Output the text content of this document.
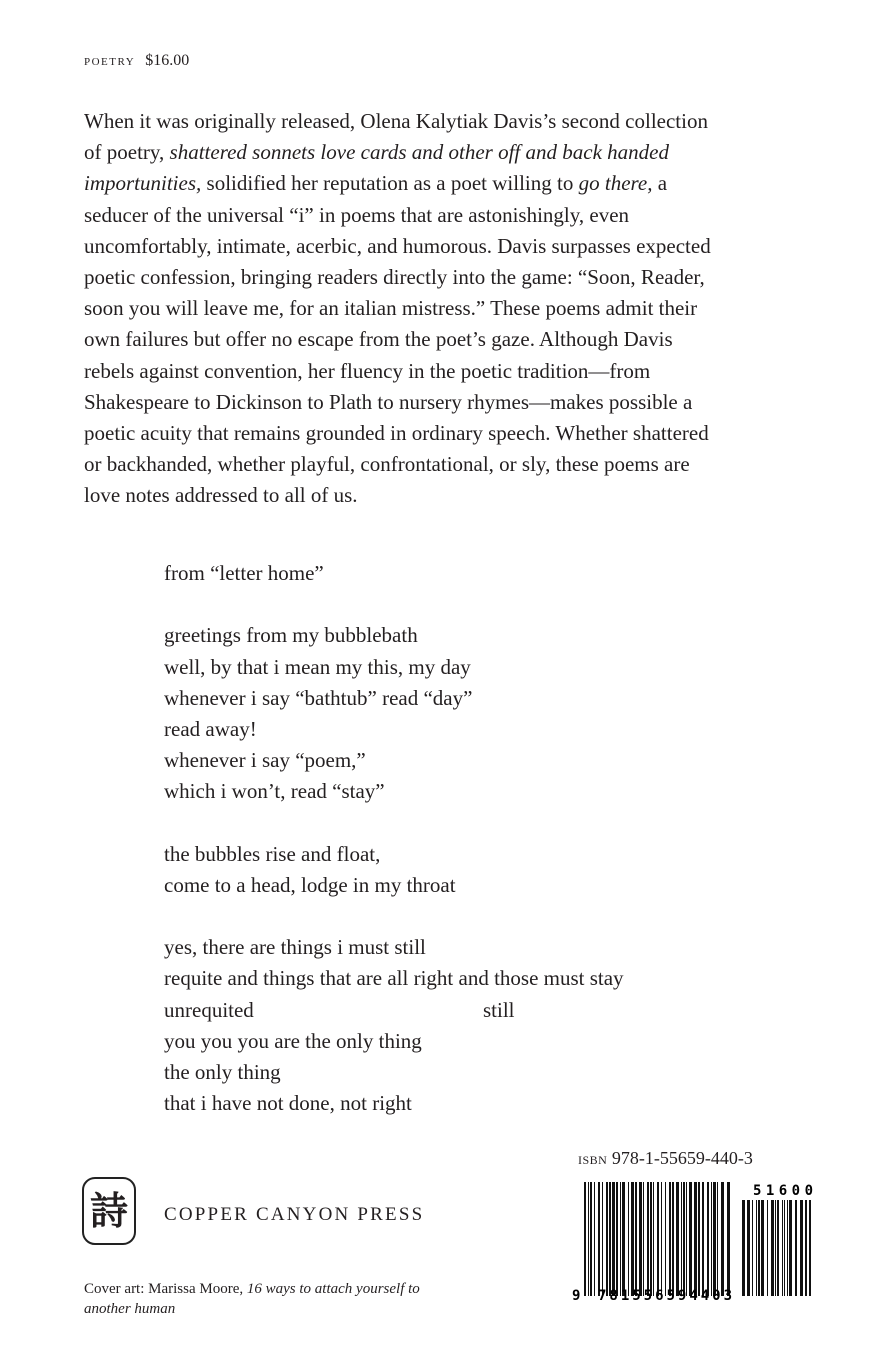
POETRY $16.00
When it was originally released, Olena Kalytiak Davis’s second collection
of poetry, shattered sonnets love cards and other off and back handed
importunities, solidified her reputation as a poet willing to go there, a
seducer of the universal “i” in poems that are astonishingly, even
uncomfortably, intimate, acerbic, and humorous. Davis surpasses expected
poetic confession, bringing readers directly into the game: “Soon, Reader,
soon you will leave me, for an italian mistress.” These poems admit their
own failures but offer no escape from the poet’s gaze. Although Davis
rebels against convention, her fluency in the poetic tradition—from
Shakespeare to Dickinson to Plath to nursery rhymes—makes possible a
poetic acuity that remains grounded in ordinary speech. Whether shattered
or backhanded, whether playful, confrontational, or sly, these poems are
love notes addressed to all of us.
from “letter home”
greetings from my bubblebath
well, by that i mean my this, my day
whenever i say “bathtub” read “day”
read away!
whenever i say “poem,”
which i won’t, read “stay”
the bubbles rise and float,
come to a head, lodge in my throat
yes, there are things i must still
requite and things that are all right and those must stay
unrequited	still
you you you are the only thing
the only thing
that i have not done, not right
ISBN 978-1-55659-440-3
9 781556594403
51600
詩	COPPER CANYON PRESS
Cover art: Marissa Moore, 16 ways to attach yourself to another human
